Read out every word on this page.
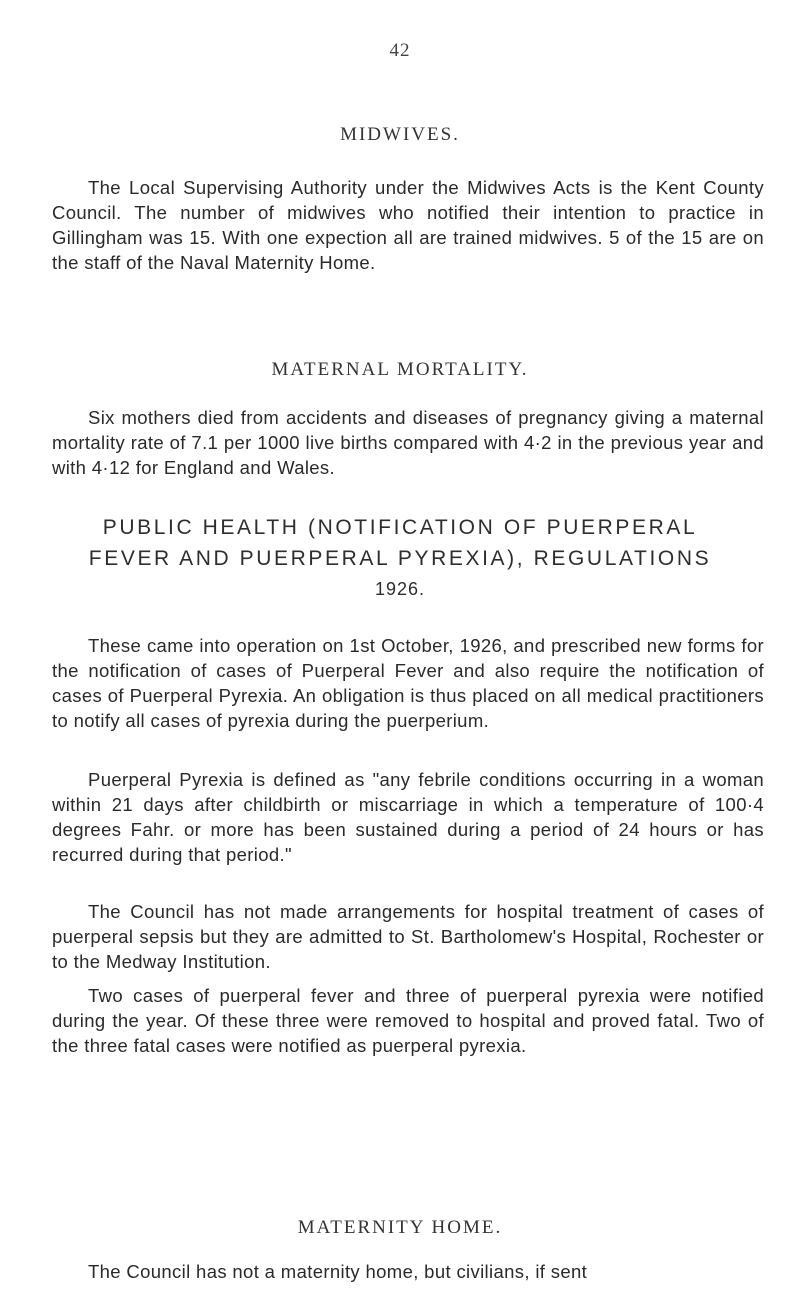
42
MIDWIVES.
The Local Supervising Authority under the Midwives Acts is the Kent County Council. The number of midwives who notified their intention to practice in Gillingham was 15. With one expection all are trained midwives. 5 of the 15 are on the staff of the Naval Maternity Home.
MATERNAL MORTALITY.
Six mothers died from accidents and diseases of pregnancy giving a maternal mortality rate of 7.1 per 1000 live births compared with 4·2 in the previous year and with 4·12 for England and Wales.
PUBLIC HEALTH (NOTIFICATION OF PUERPERAL
FEVER AND PUERPERAL PYREXIA), REGULATIONS
1926.
These came into operation on 1st October, 1926, and prescribed new forms for the notification of cases of Puerperal Fever and also require the notification of cases of Puerperal Pyrexia. An obligation is thus placed on all medical practitioners to notify all cases of pyrexia during the puerperium.
Puerperal Pyrexia is defined as "any febrile conditions occurring in a woman within 21 days after childbirth or miscarriage in which a temperature of 100·4 degrees Fahr. or more has been sustained during a period of 24 hours or has recurred during that period."
The Council has not made arrangements for hospital treatment of cases of puerperal sepsis but they are admitted to St. Bartholomew's Hospital, Rochester or to the Medway Institution.
Two cases of puerperal fever and three of puerperal pyrexia were notified during the year. Of these three were removed to hospital and proved fatal. Two of the three fatal cases were notified as puerperal pyrexia.
MATERNITY HOME.
The Council has not a maternity home, but civilians, if sent
